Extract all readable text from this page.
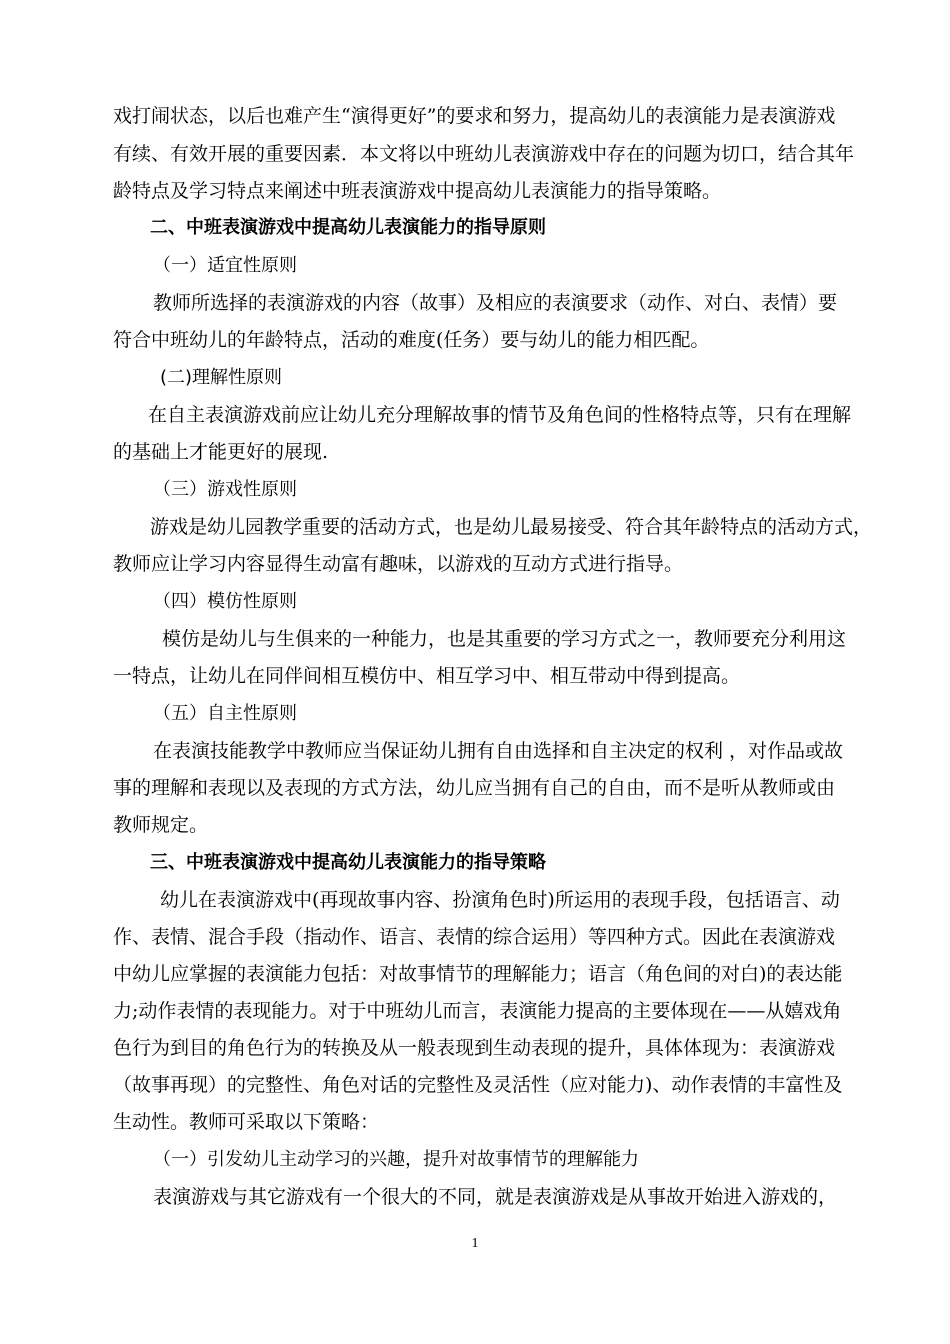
戏打闹状态，以后也难产生“演得更好”的要求和努力，提高幼儿的表演能力是表演游戏
有续、有效开展的重要因素．本文将以中班幼儿表演游戏中存在的问题为切口，结合其年
龄特点及学习特点来阐述中班表演游戏中提高幼儿表演能力的指导策略。
二、中班表演游戏中提高幼儿表演能力的指导原则
（一）适宜性原则
教师所选择的表演游戏的内容（故事）及相应的表演要求（动作、对白、表情）要
符合中班幼儿的年龄特点，活动的难度(任务）要与幼儿的能力相匹配。
(二)理解性原则
在自主表演游戏前应让幼儿充分理解故事的情节及角色间的性格特点等，只有在理解
的基础上才能更好的展现.
（三）游戏性原则
游戏是幼儿园教学重要的活动方式，也是幼儿最易接受、符合其年龄特点的活动方式，
教师应让学习内容显得生动富有趣味，以游戏的互动方式进行指导。
（四）模仿性原则
模仿是幼儿与生俱来的一种能力，也是其重要的学习方式之一，教师要充分利用这
一特点，让幼儿在同伴间相互模仿中、相互学习中、相互带动中得到提高。
（五）自主性原则
在表演技能教学中教师应当保证幼儿拥有自由选择和自主决定的权利 ，对作品或故
事的理解和表现以及表现的方式方法，幼儿应当拥有自己的自由，而不是听从教师或由
教师规定。
三、中班表演游戏中提高幼儿表演能力的指导策略
幼儿在表演游戏中(再现故事内容、扮演角色时)所运用的表现手段，包括语言、动
作、表情、混合手段（指动作、语言、表情的综合运用）等四种方式。因此在表演游戏
中幼儿应掌握的表演能力包括：对故事情节的理解能力；语言（角色间的对白)的表达能
力;动作表情的表现能力。对于中班幼儿而言，表演能力提高的主要体现在——从嬉戏角
色行为到目的角色行为的转换及从一般表现到生动表现的提升，具体体现为：表演游戏
（故事再现）的完整性、角色对话的完整性及灵活性（应对能力)、动作表情的丰富性及
生动性。教师可采取以下策略：
（一）引发幼儿主动学习的兴趣，提升对故事情节的理解能力
表演游戏与其它游戏有一个很大的不同，就是表演游戏是从事故开始进入游戏的，
1
